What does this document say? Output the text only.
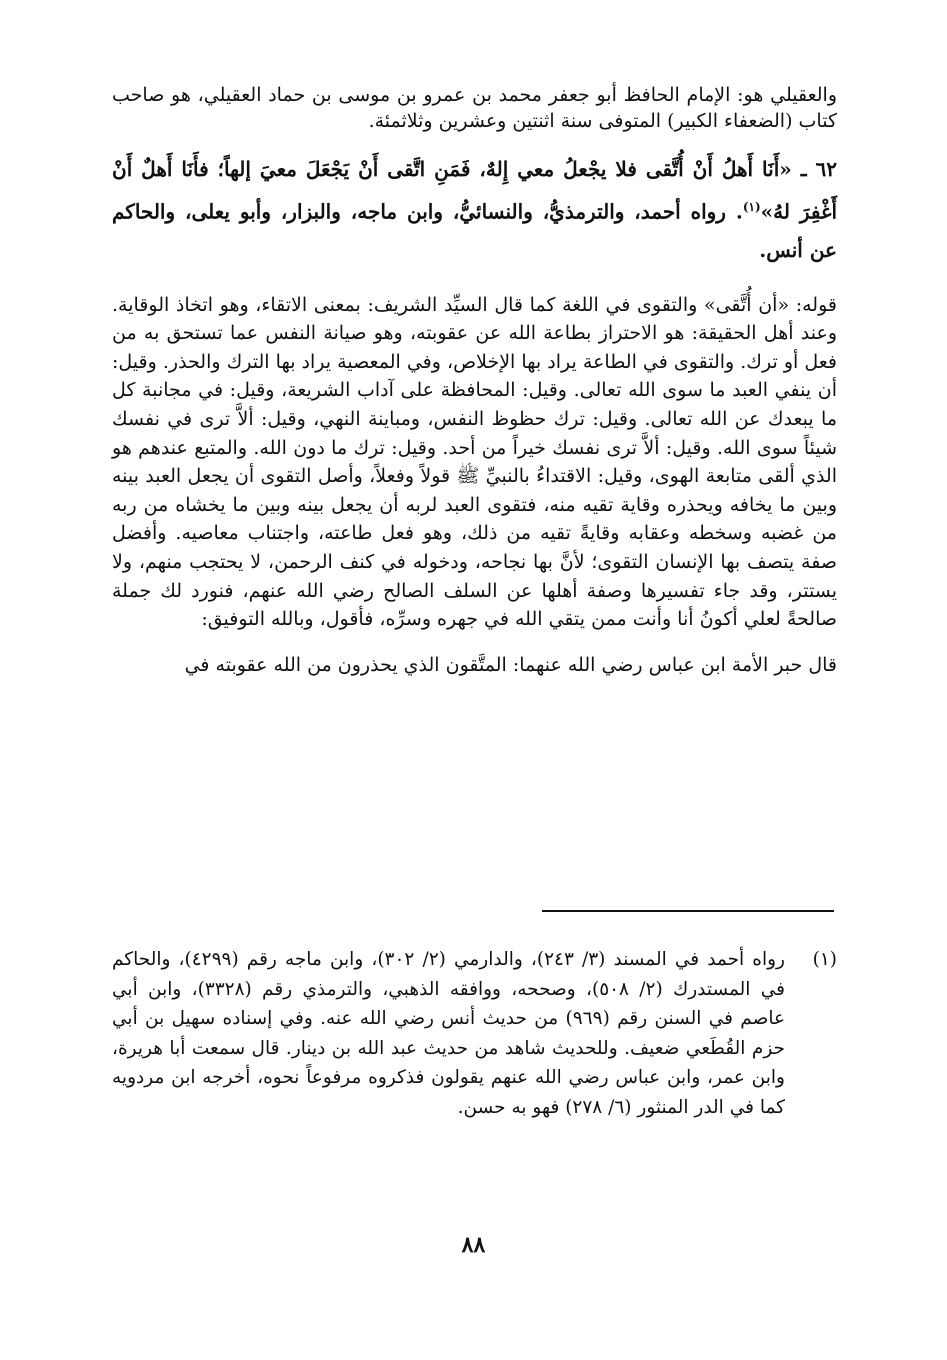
والعقيلي هو: الإمام الحافظ أبو جعفر محمد بن عمرو بن موسى بن حماد العقيلي، هو صاحب كتاب (الضعفاء الكبير) المتوفى سنة اثنتين وعشرين وثلاثمئة.

٦٢ ـ «أَنَا أَهلُ أَنْ أُتَّقى فلا يجْعلُ معي إِلهٌ، فَمَنِ اتَّقى أَنْ يَجْعَلَ معيَ إلهاً؛ فأَنَا أَهلٌ أَنْ أَغْفِرَ لهُ»$^{(١)}$. رواه أحمد، والترمذيُّ، والنسائيُّ، وابن ماجه، والبزار، وأبو يعلى، والحاكم عن أنس.

قوله: «أن أُتَّقى» والتقوى في اللغة كما قال السيِّد الشريف: بمعنى الاتقاء، وهو اتخاذ الوقاية. وعند أهل الحقيقة: هو الاحتراز بطاعة الله عن عقوبته، وهو صيانة النفس عما تستحق به من فعل أو ترك. والتقوى في الطاعة يراد بها الإخلاص، وفي المعصية يراد بها الترك والحذر. وقيل: أن ينفي العبد ما سوى الله تعالى. وقيل: المحافظة على آداب الشريعة، وقيل: في مجانبة كل ما يبعدك عن الله تعالى. وقيل: ترك حظوظ النفس، ومباينة النهي، وقيل: ألاَّ ترى في نفسك شيئاً سوى الله. وقيل: ألاَّ ترى نفسك خيراً من أحد. وقيل: ترك ما دون الله. والمتبع عندهم هو الذي ألقى متابعة الهوى، وقيل: الاقتداءُ بالنبيِّ ﷺ قولاً وفعلاً، وأصل التقوى أن يجعل العبد بينه وبين ما يخافه ويحذره وقاية تقيه منه، فتقوى العبد لربه أن يجعل بينه وبين ما يخشاه من ربه من غضبه وسخطه وعقابه وقايةً تقيه من ذلك، وهو فعل طاعته، واجتناب معاصيه. وأفضل صفة يتصف بها الإنسان التقوى؛ لأنَّ بها نجاحه، ودخوله في كنف الرحمن، لا يحتجب منهم، ولا يستتر، وقد جاء تفسيرها وصفة أهلها عن السلف الصالح رضي الله عنهم، فنورد لك جملة صالحةً لعلي أكونُ أنا وأنت ممن يتقي الله في جهره وسرِّه، فأقول، وبالله التوفيق:

قال حبر الأمة ابن عباس رضي الله عنهما: المتَّقون الذي يحذرون من الله عقوبته في

(١)
رواه أحمد في المسند (٣/ ٢٤٣)، والدارمي (٢/ ٣٠٢)، وابن ماجه رقم (٤٢٩٩)، والحاكم في المستدرك (٢/ ٥٠٨)، وصححه، ووافقه الذهبي، والترمذي رقم (٣٣٢٨)، وابن أبي عاصم في السنن رقم (٩٦٩) من حديث أنس رضي الله عنه. وفي إسناده سهيل بن أبي حزم القُطَعي ضعيف. وللحديث شاهد من حديث عبد الله بن دينار. قال سمعت أبا هريرة، وابن عمر، وابن عباس رضي الله عنهم يقولون فذكروه مرفوعاً نحوه، أخرجه ابن مردويه كما في الدر المنثور (٦/ ٢٧٨) فهو به حسن.
٨٨
